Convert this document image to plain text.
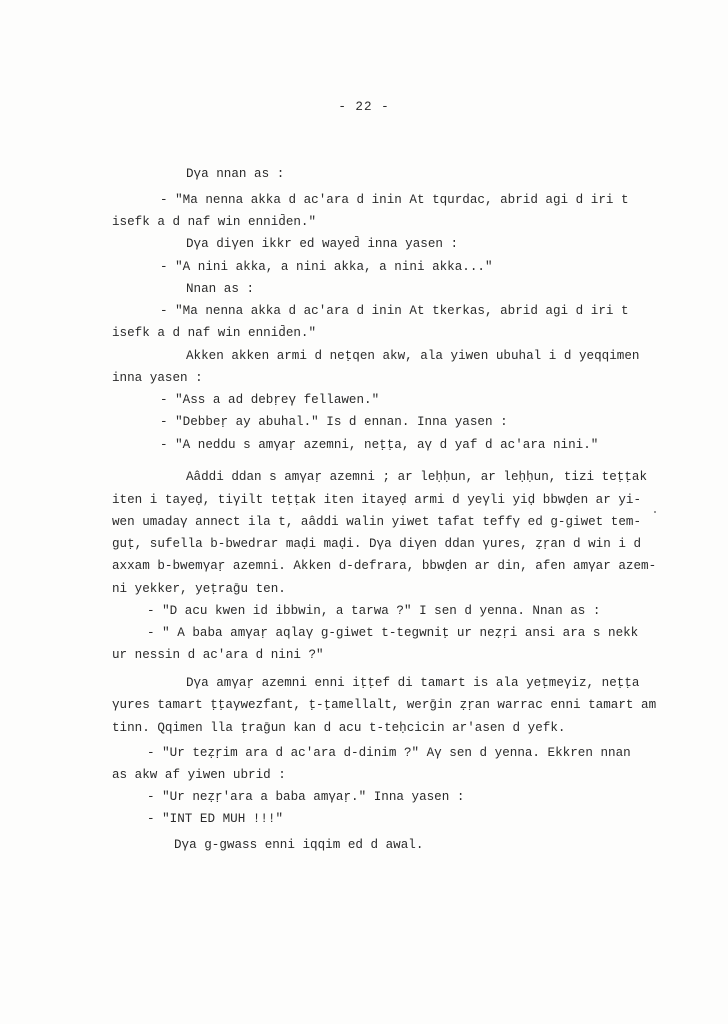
- 22 -
Dγa nnan as :
- "Ma nenna akka d ac'ara d inin At tqurdac, abrid agi d iri t
isefk a d naf win ennid̄en."
Dγa diγen ikkr ed wayed̄ inna yasen :
- "A nini akka, a nini akka, a nini akka..."
Nnan as :
- "Ma nenna akka d ac'ara d inin At tkerkas, abrid agi d iri t
isefk a d naf win ennid̄en."
Akken akken armi d neṭqen akw, ala yiwen ubuhal i d yeqqimen
inna yasen :
- "Ass a ad debṛeγ fellawen."
- "Debbeṛ ay abuhal." Is d ennan. Inna yasen :
- "A neddu s amγaṛ azemni, neṭṭa, aγ d yaf d ac'ara nini."
Aâddi ddan s amγaṛ azemni ; ar leḥḥun, ar leḥḥun, tizi teṭṭak
iten i tayeḍ, tiγilt teṭṭak iten itayeḍ armi d yeγli yiḍ bbwḍen ar yi-
wen umadaγ annect ila t, aâddi walin yiwet tafat teffγ ed g-giwet tem-
guṭ, sufella b-bwedrar maḍi maḍi. Dγa diγen ddan γures, ẓṛan d win i d
axxam b-bwemγaṛ azemni. Akken d-defrara, bbwḍen ar din, afen amγar azem-
ni yekker, yeṭraḡu ten.
- "D acu kwen id ibbwin, a tarwa ?" I sen d yenna. Nnan as :
- " A baba amγaṛ aqlaγ g-giwet t-tegwniṭ ur neẓṛi ansi ara s nekk
ur nessin d ac'ara d nini ?"
Dγa amγaṛ azemni enni iṭṭef di tamart is ala yeṭmeγiz, neṭṭa
γures tamart ṭṭaγwezfant, ṭ-ṭamellalt, werḡin ẓṛan warrac enni tamart am
tinn. Qqimen lla ṭraḡun kan d acu t-teḥcicin ar'asen d yefk.
- "Ur teẓṛim ara d ac'ara d-dinim ?" Aγ sen d yenna. Ekkren nnan
as akw af yiwen ubrid :
- "Ur neẓṛ'ara a baba amγaṛ." Inna yasen :
- "INT ED MUH !!!"
Dγa g-gwass enni iqqim ed d awal.
